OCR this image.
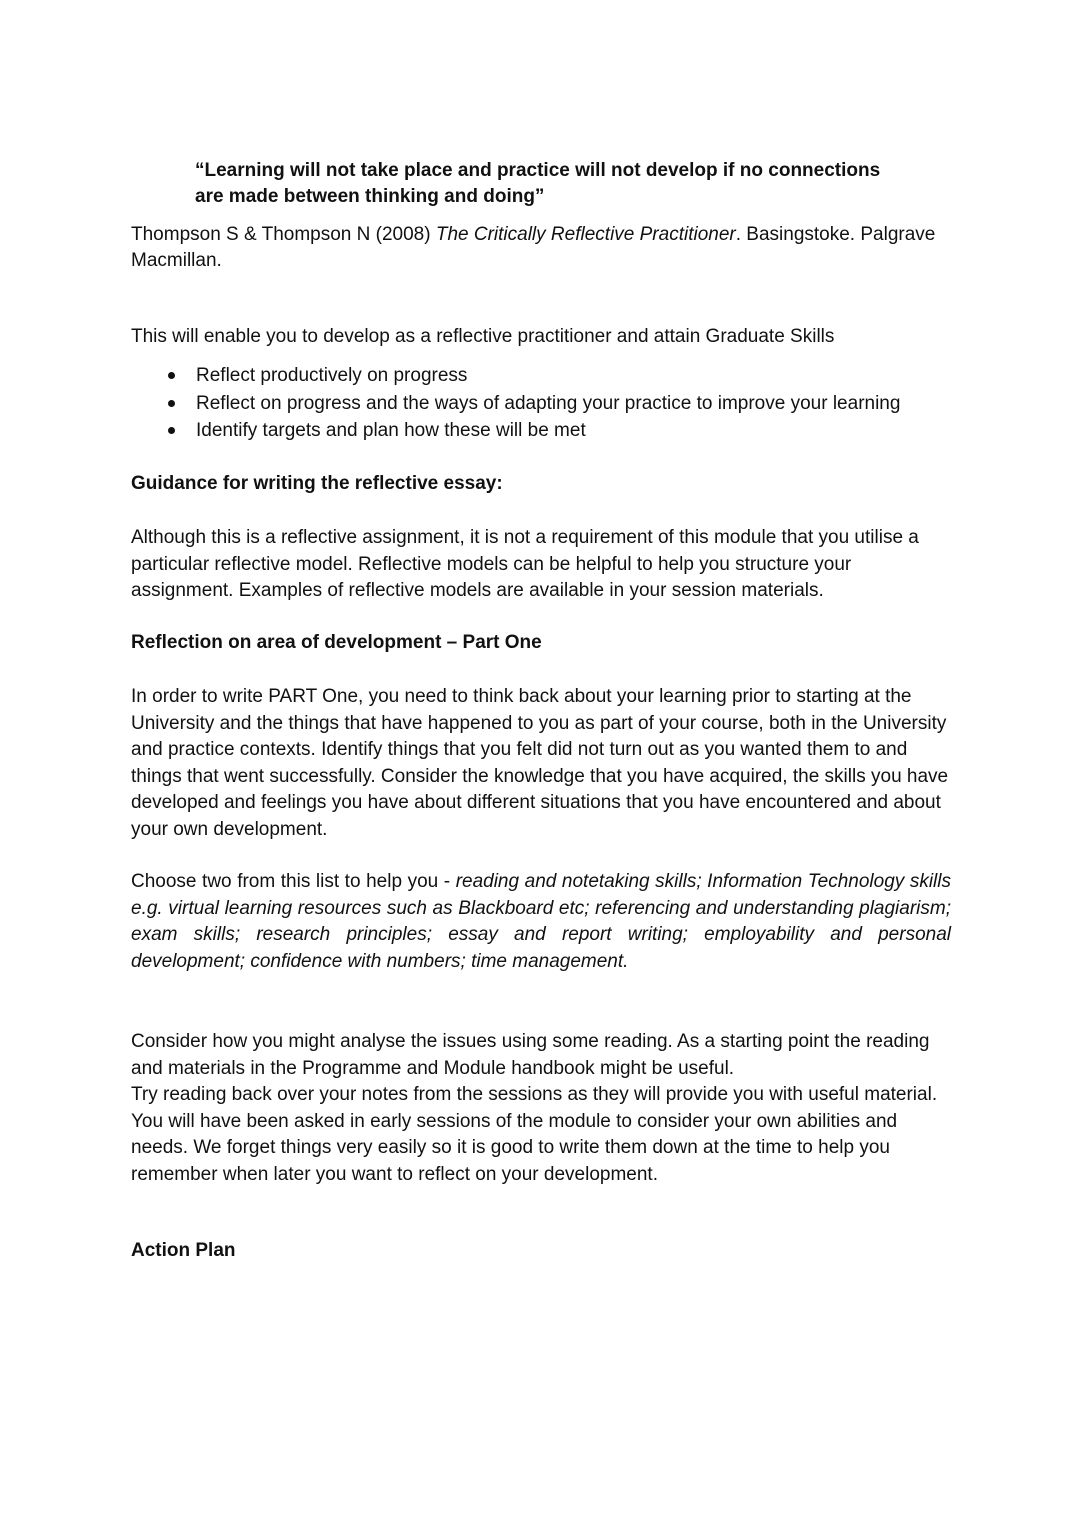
“Learning will not take place and practice will not develop if no connections
are made between thinking and doing”
Thompson S & Thompson N (2008) The Critically Reflective Practitioner. Basingstoke. Palgrave Macmillan.
This will enable you to develop as a reflective practitioner and attain Graduate Skills
Reflect productively on progress
Reflect on progress and the ways of adapting your practice to improve your learning
Identify targets and plan how these will be met
Guidance for writing the reflective essay:
Although this is a reflective assignment, it is not a requirement of this module that you utilise a particular reflective model. Reflective models can be helpful to help you structure your assignment. Examples of reflective models are available in your session materials.
Reflection on area of development – Part One
In order to write PART One, you need to think back about your learning prior to starting at the University and the things that have happened to you as part of your course, both in the University and practice contexts. Identify things that you felt did not turn out as you wanted them to and things that went successfully. Consider the knowledge that you have acquired, the skills you have developed and feelings you have about different situations that you have encountered and about your own development.
Choose two from this list to help you - reading and notetaking skills; Information Technology skills e.g. virtual learning resources such as Blackboard etc; referencing and understanding plagiarism; exam skills; research principles; essay and report writing; employability and personal development; confidence with numbers; time management.
Consider how you might analyse the issues using some reading. As a starting point the reading and materials in the Programme and Module handbook might be useful.
Try reading back over your notes from the sessions as they will provide you with useful material. You will have been asked in early sessions of the module to consider your own abilities and needs. We forget things very easily so it is good to write them down at the time to help you remember when later you want to reflect on your development.
Action Plan
